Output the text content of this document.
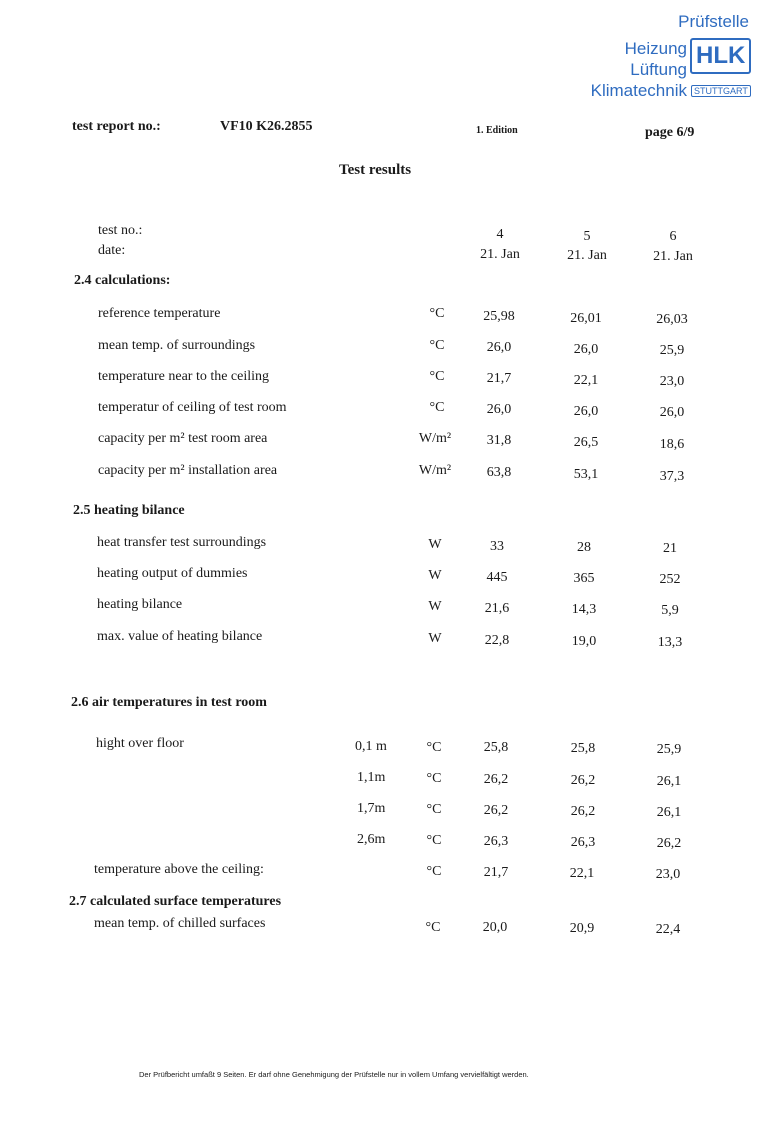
Prüfstelle
Heizung HLK
Lüftung
Klimatechnik STUTTGART
test report no.:	VF10 K26.2855	1. Edition	page 6/9
Test results
test no.:
date:
4	5	6
21. Jan	21. Jan	21. Jan
2.4 calculations:
reference temperature	°C	25,98	26,01	26,03
mean temp. of surroundings	°C	26,0	26,0	25,9
temperature near to the ceiling	°C	21,7	22,1	23,0
temperatur of ceiling of test room	°C	26,0	26,0	26,0
capacity per m² test room area	W/m²	31,8	26,5	18,6
capacity per m² installation area	W/m²	63,8	53,1	37,3
2.5 heating bilance
heat transfer test surroundings	W	33	28	21
heating output of dummies	W	445	365	252
heating bilance	W	21,6	14,3	5,9
max. value of heating bilance	W	22,8	19,0	13,3
2.6 air temperatures in test room
hight over floor	0,1 m	°C	25,8	25,8	25,9
1,1m	°C	26,2	26,2	26,1
1,7m	°C	26,2	26,2	26,1
2,6m	°C	26,3	26,3	26,2
temperature above the ceiling:	°C	21,7	22,1	23,0
2.7 calculated surface temperatures
mean temp. of chilled surfaces	°C	20,0	20,9	22,4
Der Prüfbericht umfaßt 9 Seiten. Er darf ohne Genehmigung der Prüfstelle nur in vollem Umfang vervielfältigt werden.
